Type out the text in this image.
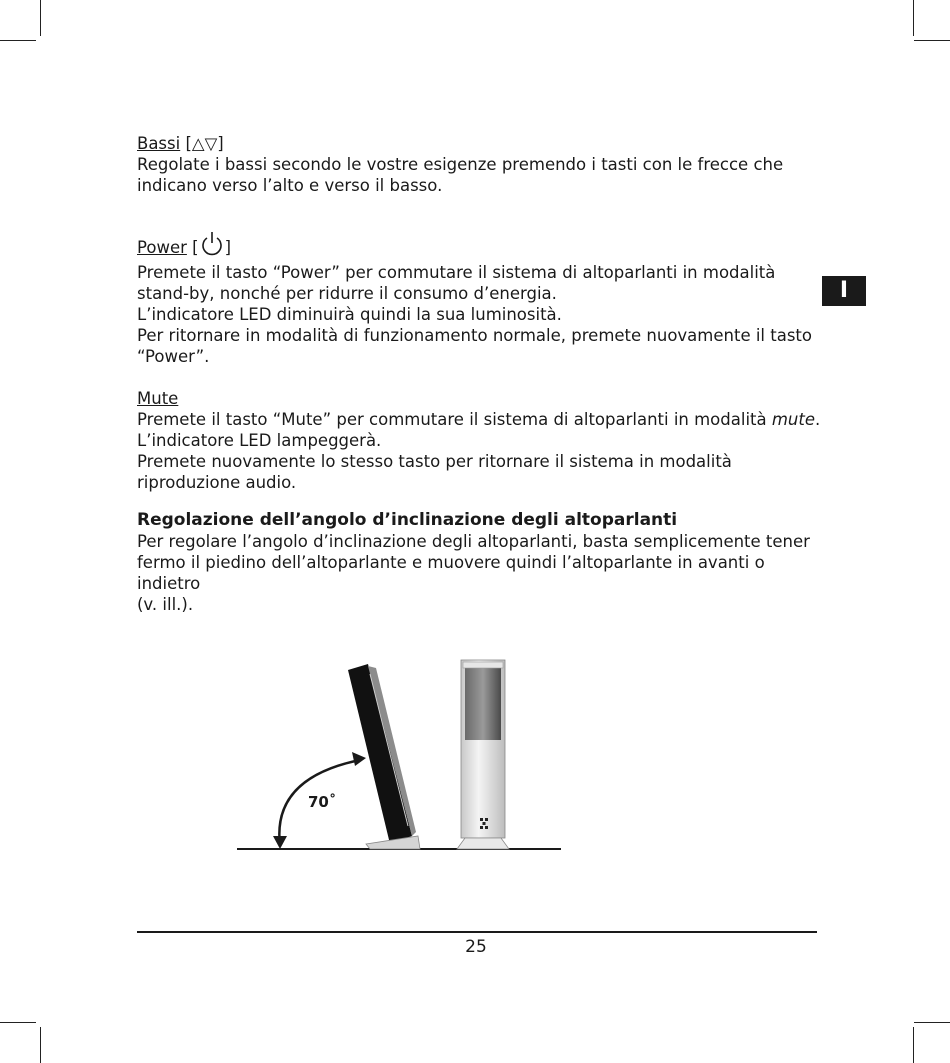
I

Bassi [△▽]

Regolate i bassi secondo le vostre esigenze premendo i tasti con le frecce che

indicano verso l’alto e verso il basso.

Power [ ]

Premete il tasto “Power” per commutare il sistema di altoparlanti in modalità

stand-by, nonché per ridurre il consumo d’energia.

L’indicatore LED diminuirà quindi la sua luminosità.

Per ritornare in modalità di funzionamento normale, premete nuovamente il tasto

“Power”.

Mute

Premete il tasto “Mute” per commutare il sistema di altoparlanti in modalità mute.

L’indicatore LED lampeggerà.

Premete nuovamente lo stesso tasto per ritornare il sistema in modalità

riproduzione audio.

Regolazione dell’angolo d’inclinazione degli altoparlanti

Per regolare l’angolo d’inclinazione degli altoparlanti, basta semplicemente tener

fermo il piedino dell’altoparlante e muovere quindi l’altoparlante in avanti o indietro

(v. ill.).

70˚
25
